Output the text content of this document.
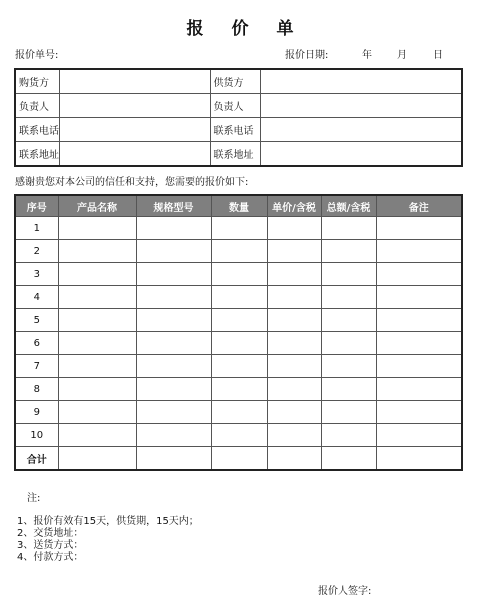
报 价 单
报价单号:	报价日期:	年	月	日
购货方		供货方	
负责人		负责人	
联系电话		联系电话	
联系地址		联系地址	
感谢贵您对本公司的信任和支持，您需要的报价如下:
序号	产品名称	规格型号	数量	单价/含税	总额/含税	备注
1						
2						
3						
4						
5						
6						
7						
8						
9						
10						
合计						
注:
1、报价有效有15天，供货期，15天内；
2、交货地址：
3、送货方式：
4、付款方式：
报价人签字:
